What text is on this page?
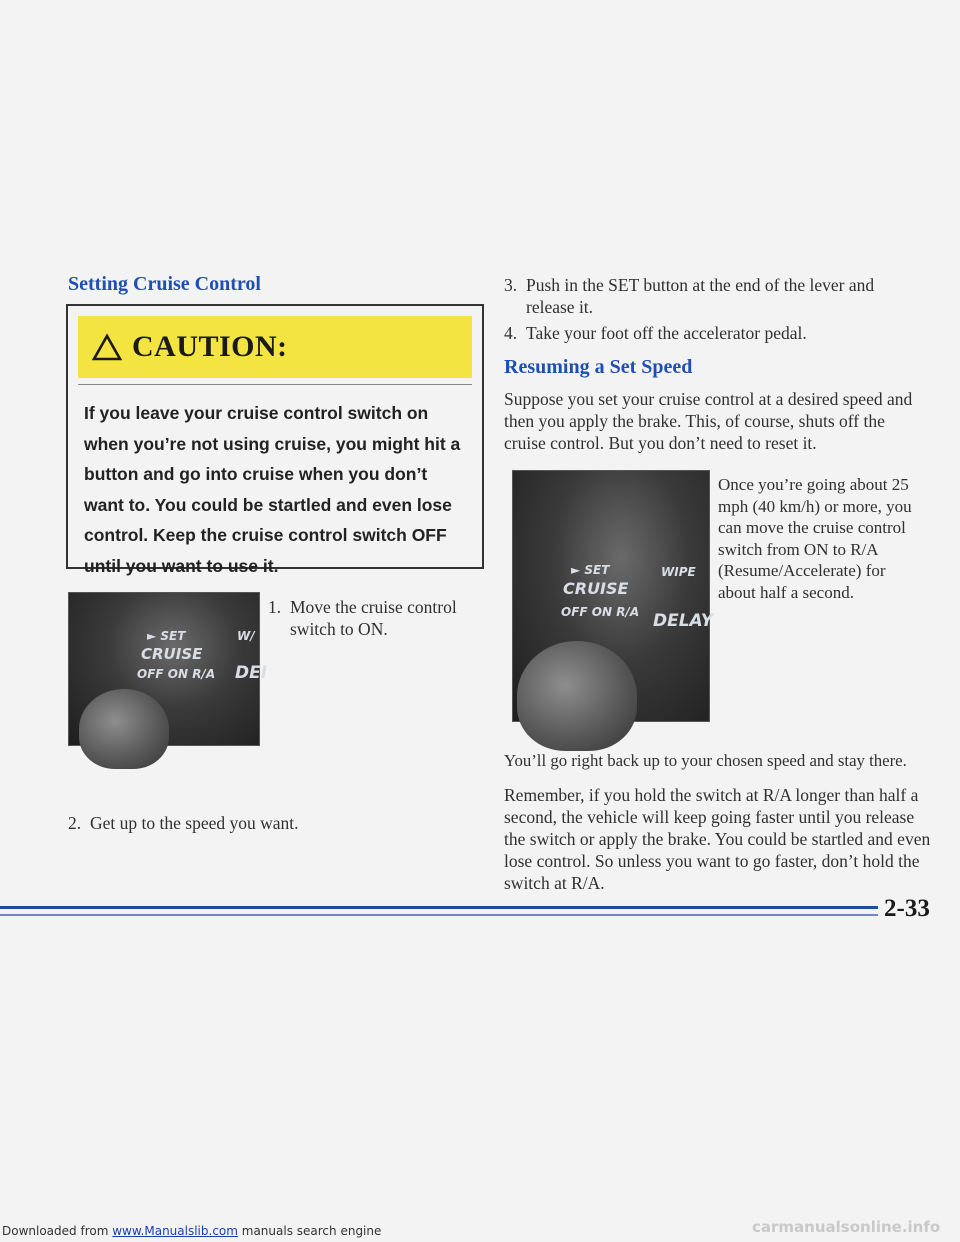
Setting Cruise Control
CAUTION:
If you leave your cruise control switch on when you’re not using cruise, you might hit a button and go into cruise when you don’t want to. You could be startled and even lose control. Keep the cruise control switch OFF until you want to use it.
► SET
CRUISE
OFF ON R/A
W/
DEI
1. Move the cruise control switch to ON.
2. Get up to the speed you want.
3. Push in the SET button at the end of the lever and release it.
4. Take your foot off the accelerator pedal.
Resuming a Set Speed
Suppose you set your cruise control at a desired speed and then you apply the brake. This, of course, shuts off the cruise control. But you don’t need to reset it.
► SET
CRUISE
OFF ON R/A
WIPE
DELAY
Once you’re going about 25 mph (40 km/h) or more, you can move the cruise control switch from ON to R/A (Resume/Accelerate) for about half a second.
You’ll go right back up to your chosen speed and stay there.
Remember, if you hold the switch at R/A longer than half a second, the vehicle will keep going faster until you release the switch or apply the brake. You could be startled and even lose control. So unless you want to go faster, don’t hold the switch at R/A.
2-33
Downloaded from www.Manualslib.com manuals search engine	carmanualsonline.info
